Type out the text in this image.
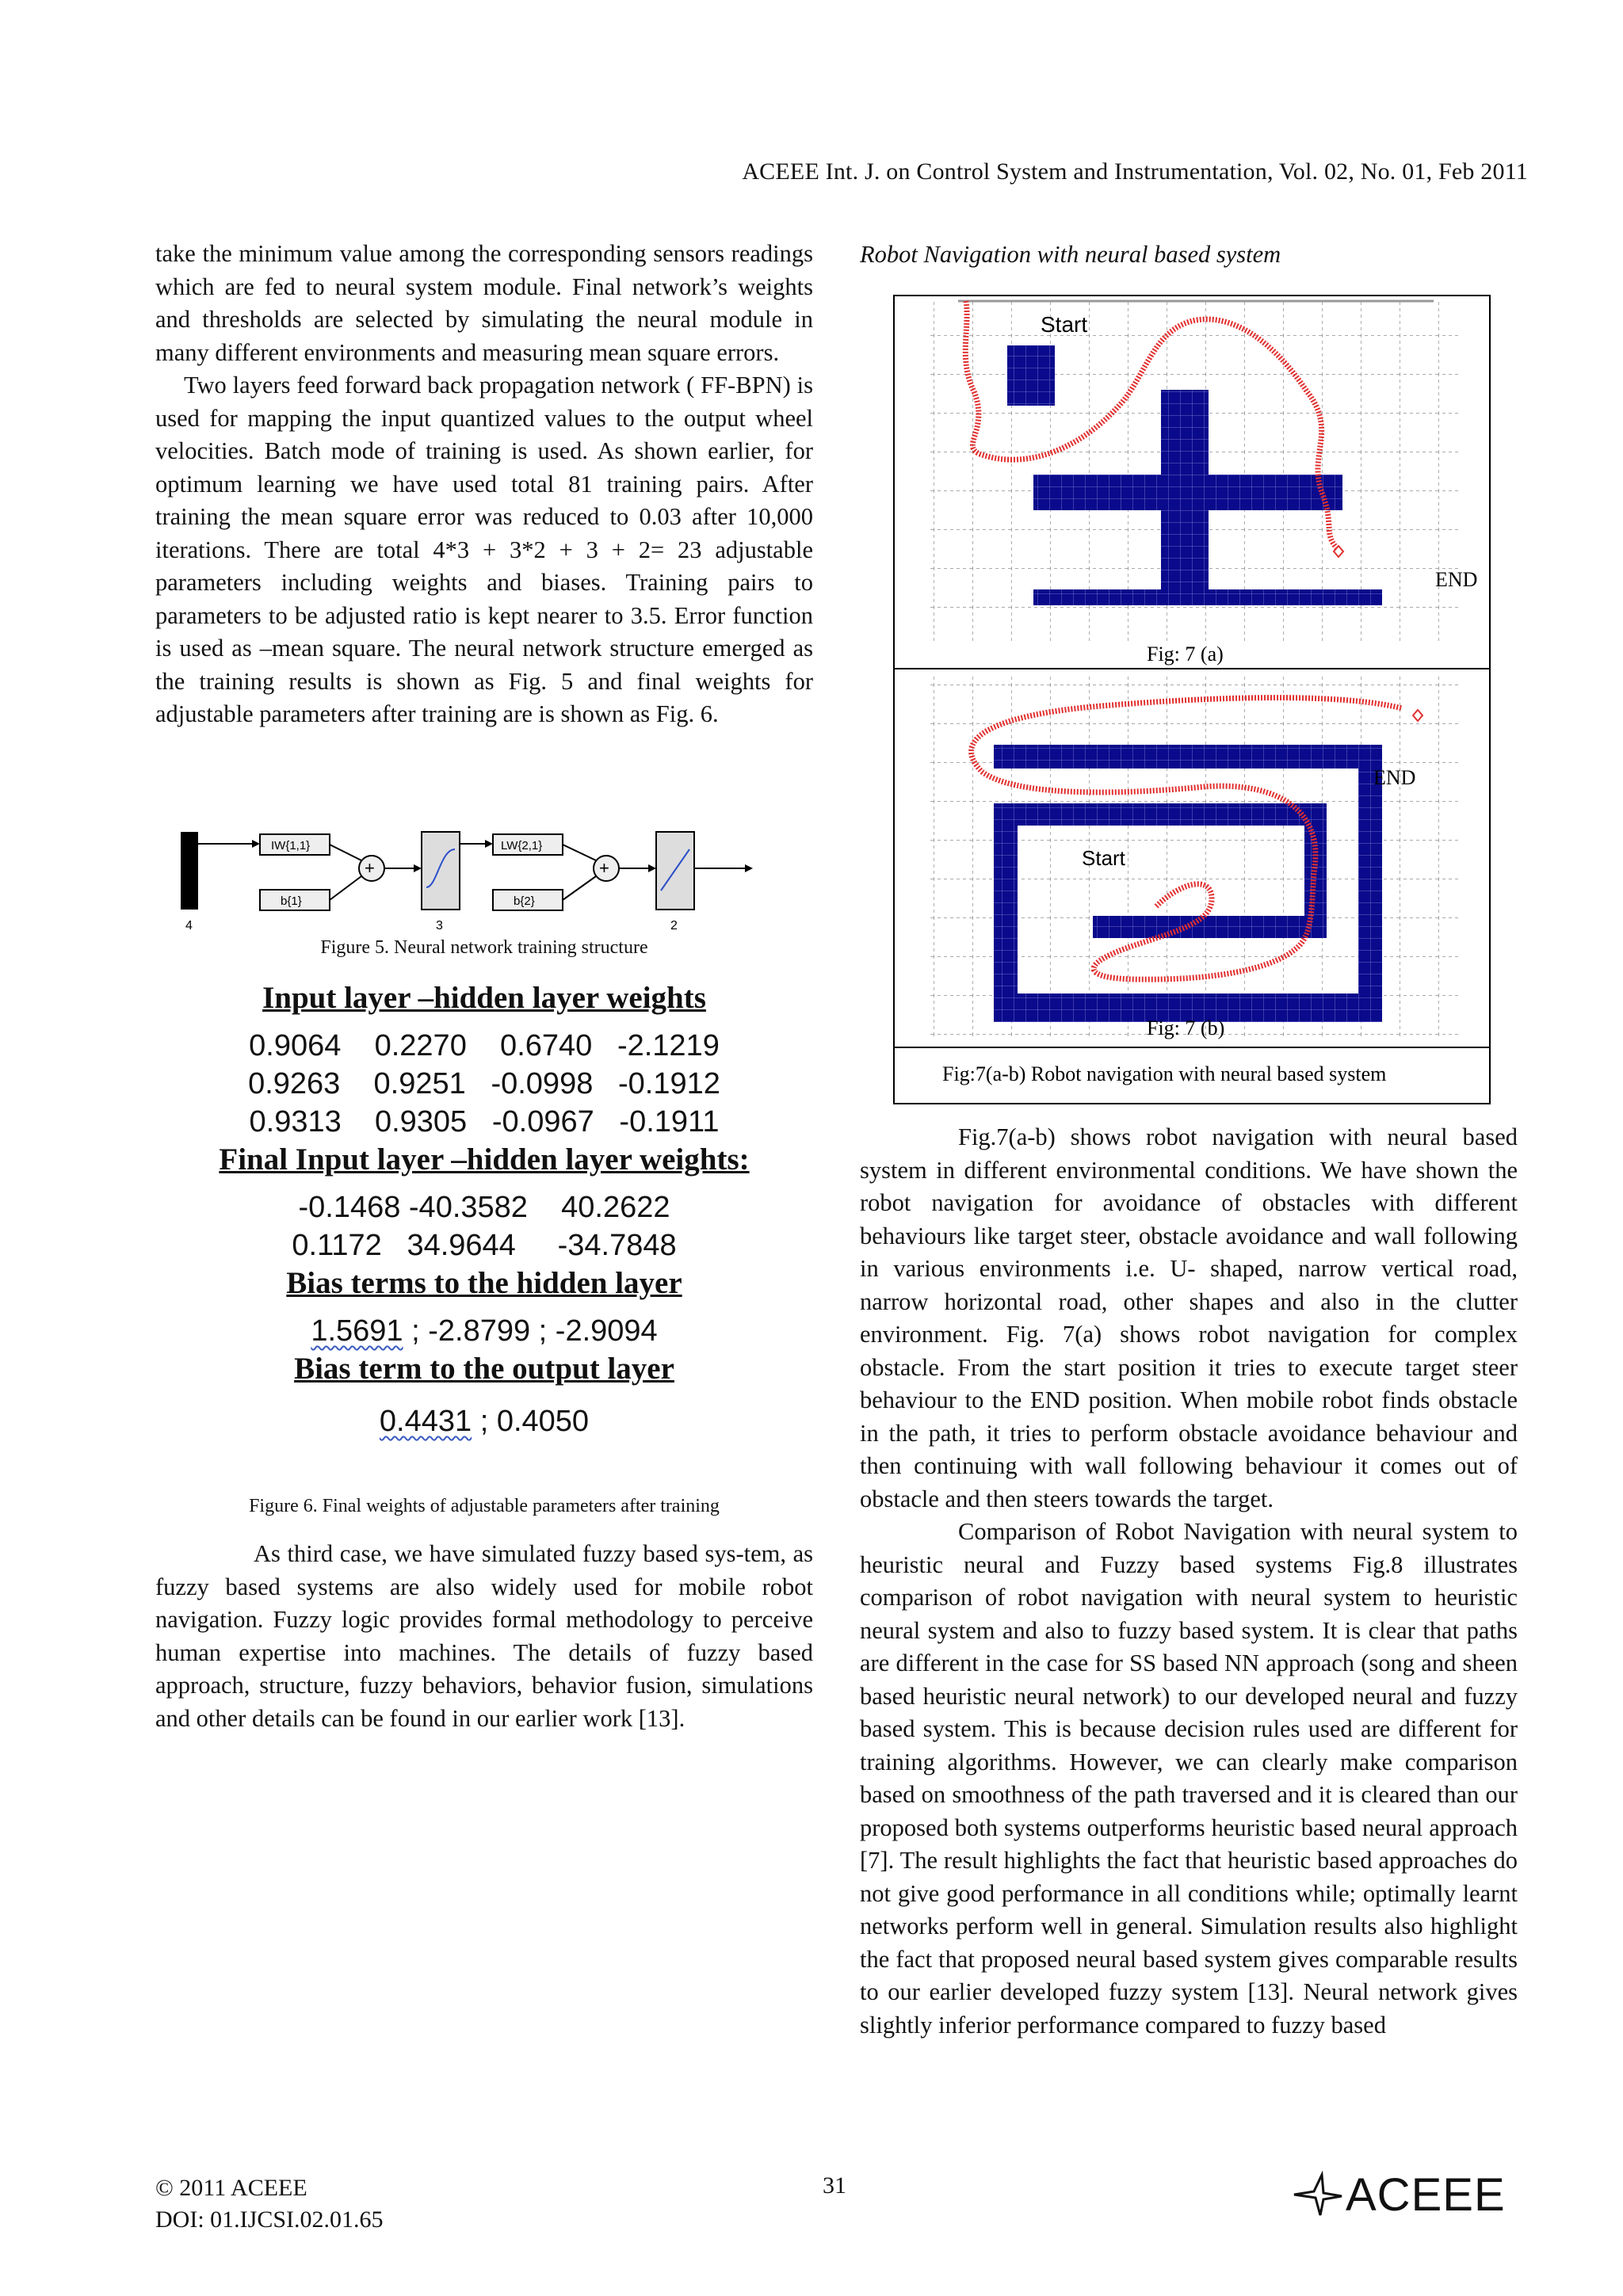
ACEEE Int. J. on Control System and Instrumentation, Vol. 02, No. 01, Feb 2011

take the minimum value among the corresponding sensors readings which are fed to neural system module. Final network’s weights and thresholds are selected by simulating the neural module in many different environments and measuring mean square errors.

Two layers feed forward back propagation network ( FF-BPN) is used for mapping the input quantized values to the output wheel velocities. Batch mode of training is used. As shown earlier, for optimum learning we have used total 81 training pairs. After training the mean square error was reduced to 0.03 after 10,000 iterations. There are total 4*3 + 3*2 + 3 + 2= 23 adjustable parameters including weights and biases. Training pairs to parameters to be adjusted ratio is kept nearer to 3.5. Error function is used as –mean square. The neural network structure emerged as the training results is shown as Fig. 5 and final weights for adjustable parameters after training are is shown as Fig. 6.

4
IW{1,1}
b{1}
+
3
LW{2,1}
b{2}
+
2
Figure 5. Neural network training structure

Input layer –hidden layer weights

0.9064    0.2270    0.6740   -2.1219

0.9263    0.9251   -0.0998   -0.1912

0.9313    0.9305   -0.0967   -0.1911

Final Input layer –hidden layer weights:

-0.1468 -40.3582    40.2622

0.1172   34.9644     -34.7848

Bias terms to the hidden layer

1.5691 ; -2.8799 ; -2.9094

Bias term to the output layer

0.4431 ; 0.4050

Figure 6. Final weights of adjustable parameters after training

As third case, we have simulated fuzzy based sys-tem, as fuzzy based systems are also widely used for mobile robot navigation. Fuzzy logic provides formal methodology to perceive human expertise into machines. The details of fuzzy based approach, structure, fuzzy behaviors, behavior fusion, simulations and other details can be found in our earlier work [13].

Robot Navigation with neural based system
Start
END
Fig: 7 (a)
END
Start
Fig: 7 (b)
Fig:7(a-b) Robot navigation with neural based system

Fig.7(a-b) shows robot navigation with neural based system in different environmental conditions. We have shown the robot navigation for avoidance of obstacles with different behaviours like target steer, obstacle avoidance and wall following in various environments i.e. U- shaped, narrow vertical road, narrow horizontal road, other shapes and also in the clutter environment. Fig. 7(a) shows robot navigation for complex obstacle. From the start position it tries to execute target steer behaviour to the END position. When mobile robot finds obstacle in the path, it tries to perform obstacle avoidance behaviour and then continuing with wall following behaviour it comes out of obstacle and then steers towards the target.

Comparison of Robot Navigation with neural system to heuristic neural and Fuzzy based systems Fig.8 illustrates comparison of robot navigation with neural system to heuristic neural system and also to fuzzy based system. It is clear that paths are different in the case for SS based NN approach (song and sheen based heuristic neural network) to our developed neural and fuzzy based system. This is because decision rules used are different for training algorithms. However, we can clearly make comparison based on smoothness of the path traversed and it is cleared than our proposed both systems outperforms heuristic based neural approach [7]. The result highlights the fact that heuristic based approaches do not give good performance in all conditions while; optimally learnt networks perform well in general. Simulation results also highlight the fact that proposed neural based system gives comparable results to our earlier developed fuzzy system [13]. Neural network gives slightly inferior performance compared to fuzzy based

© 2011 ACEEE
DOI: 01.IJCSI.02.01.65
31	ACEEE
